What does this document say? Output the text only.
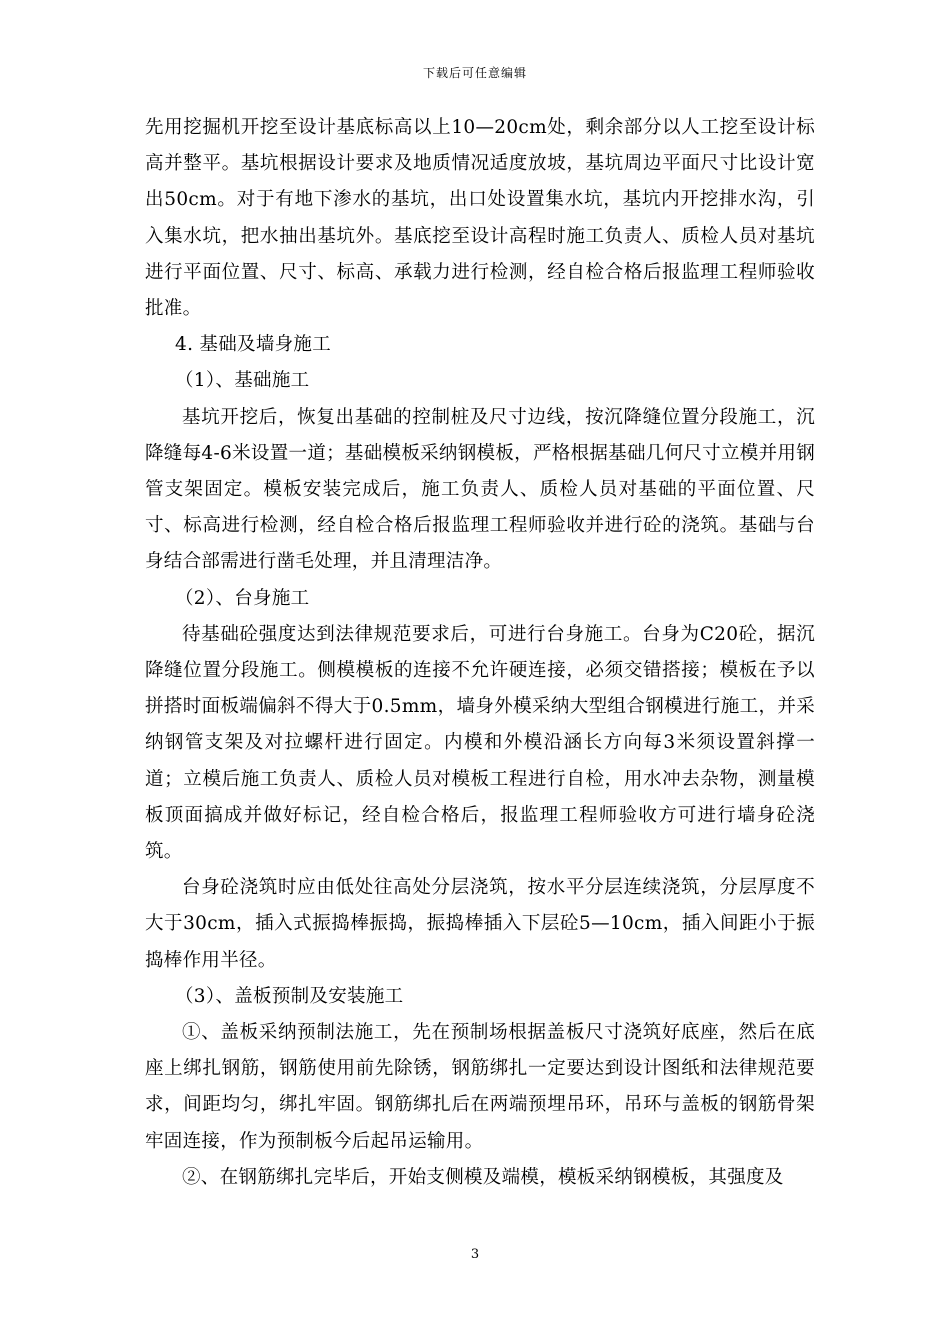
下载后可任意编辑

先用挖掘机开挖至设计基底标高以上10—20cm处，剩余部分以人工挖至设计标高并整平。基坑根据设计要求及地质情况适度放坡，基坑周边平面尺寸比设计宽出50cm。对于有地下渗水的基坑，出口处设置集水坑，基坑内开挖排水沟，引入集水坑，把水抽出基坑外。基底挖至设计高程时施工负责人、质检人员对基坑进行平面位置、尺寸、标高、承载力进行检测，经自检合格后报监理工程师验收批准。

4. 基础及墙身施工

（1）、基础施工

基坑开挖后，恢复出基础的控制桩及尺寸边线，按沉降缝位置分段施工，沉降缝每4-6米设置一道；基础模板采纳钢模板，严格根据基础几何尺寸立模并用钢管支架固定。模板安装完成后，施工负责人、质检人员对基础的平面位置、尺寸、标高进行检测，经自检合格后报监理工程师验收并进行砼的浇筑。基础与台身结合部需进行凿毛处理，并且清理洁净。

（2）、台身施工

待基础砼强度达到法律规范要求后，可进行台身施工。台身为C20砼，据沉降缝位置分段施工。侧模模板的连接不允许硬连接，必须交错搭接；模板在予以拼搭时面板端偏斜不得大于0.5mm，墙身外模采纳大型组合钢模进行施工，并采纳钢管支架及对拉螺杆进行固定。内模和外模沿涵长方向每3米须设置斜撑一道；立模后施工负责人、质检人员对模板工程进行自检，用水冲去杂物，测量模板顶面搞成并做好标记，经自检合格后，报监理工程师验收方可进行墙身砼浇筑。

台身砼浇筑时应由低处往高处分层浇筑，按水平分层连续浇筑，分层厚度不大于30cm，插入式振捣棒振捣，振捣棒插入下层砼5—10cm，插入间距小于振捣棒作用半径。

（3）、盖板预制及安装施工

①、盖板采纳预制法施工，先在预制场根据盖板尺寸浇筑好底座，然后在底座上绑扎钢筋，钢筋使用前先除锈，钢筋绑扎一定要达到设计图纸和法律规范要求，间距均匀，绑扎牢固。钢筋绑扎后在两端预埋吊环，吊环与盖板的钢筋骨架牢固连接，作为预制板今后起吊运输用。

②、在钢筋绑扎完毕后，开始支侧模及端模，模板采纳钢模板，其强度及

3
